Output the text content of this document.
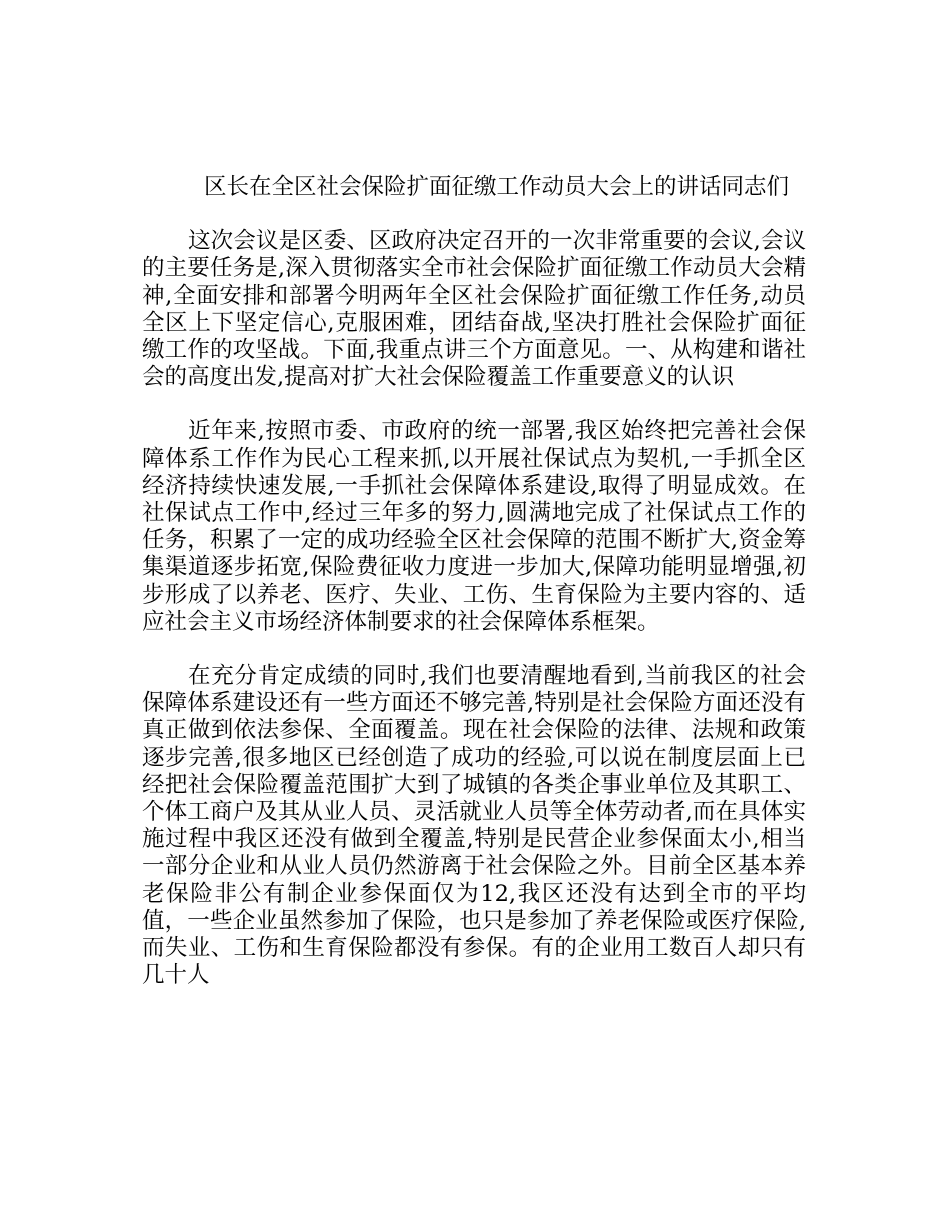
区长在全区社会保险扩面征缴工作动员大会上的讲话同志们

这次会议是区委、区政府决定召开的一次非常重要的会议,会议的主要任务是,深入贯彻落实全市社会保险扩面征缴工作动员大会精神,全面安排和部署今明两年全区社会保险扩面征缴工作任务,动员全区上下坚定信心,克服困难，团结奋战,坚决打胜社会保险扩面征缴工作的攻坚战。下面,我重点讲三个方面意见。一、从构建和谐社会的高度出发,提高对扩大社会保险覆盖工作重要意义的认识

近年来,按照市委、市政府的统一部署,我区始终把完善社会保障体系工作作为民心工程来抓,以开展社保试点为契机,一手抓全区经济持续快速发展,一手抓社会保障体系建设,取得了明显成效。在社保试点工作中,经过三年多的努力,圆满地完成了社保试点工作的任务，积累了一定的成功经验全区社会保障的范围不断扩大,资金筹集渠道逐步拓宽,保险费征收力度进一步加大,保障功能明显增强,初步形成了以养老、医疗、失业、工伤、生育保险为主要内容的、适应社会主义市场经济体制要求的社会保障体系框架。

在充分肯定成绩的同时,我们也要清醒地看到,当前我区的社会保障体系建设还有一些方面还不够完善,特别是社会保险方面还没有真正做到依法参保、全面覆盖。现在社会保险的法律、法规和政策逐步完善,很多地区已经创造了成功的经验,可以说在制度层面上已经把社会保险覆盖范围扩大到了城镇的各类企事业单位及其职工、个体工商户及其从业人员、灵活就业人员等全体劳动者,而在具体实施过程中我区还没有做到全覆盖,特别是民营企业参保面太小,相当一部分企业和从业人员仍然游离于社会保险之外。目前全区基本养老保险非公有制企业参保面仅为12,我区还没有达到全市的平均值，一些企业虽然参加了保险，也只是参加了养老保险或医疗保险,而失业、工伤和生育保险都没有参保。有的企业用工数百人却只有几十人
